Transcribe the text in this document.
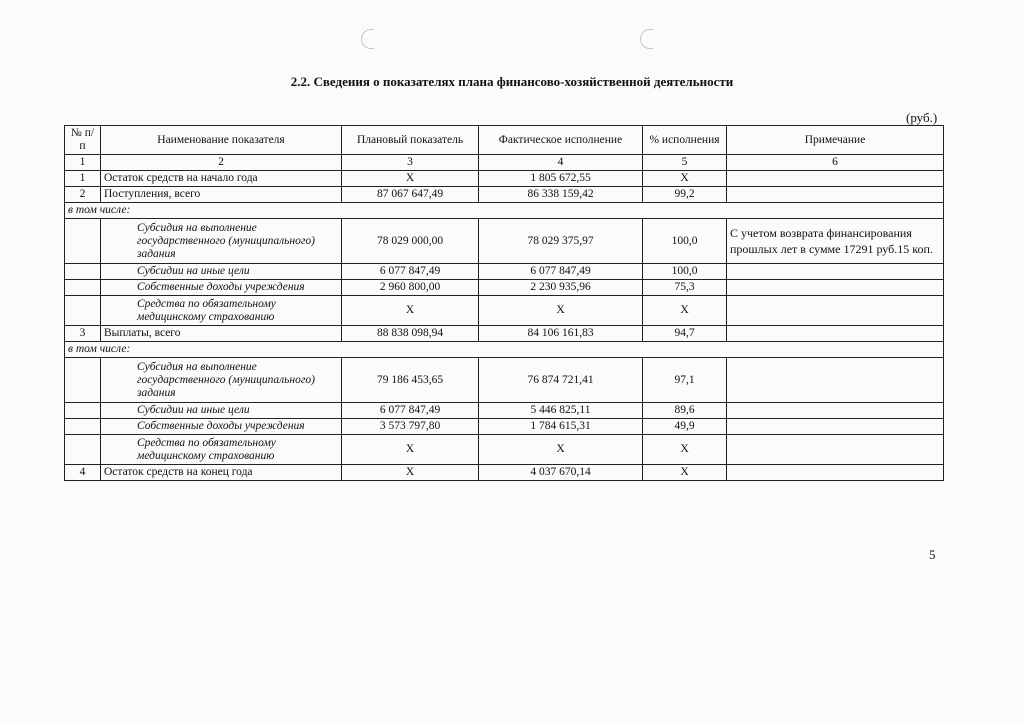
2.2. Сведения о показателях плана финансово-хозяйственной деятельности
(руб.)
№ п/п	Наименование показателя	Плановый показатель	Фактическое исполнение	% исполнения	Примечание
1	2	3	4	5	6
1	Остаток средств на начало года	X	1 805 672,55	X	
2	Поступления, всего	87 067 647,49	86 338 159,42	99,2	
в том числе:					
	Субсидия на выполнение государственного (муниципального) задания	78 029 000,00	78 029 375,97	100,0	С учетом возврата финансирования прошлых лет в сумме 17291 руб.15 коп.
	Субсидии на иные цели	6 077 847,49	6 077 847,49	100,0	
	Собственные доходы учреждения	2 960 800,00	2 230 935,96	75,3	
	Средства по обязательному медицинскому страхованию	X	X	X	
3	Выплаты, всего	88 838 098,94	84 106 161,83	94,7	
в том числе:					
	Субсидия на выполнение государственного (муниципального) задания	79 186 453,65	76 874 721,41	97,1	
	Субсидии на иные цели	6 077 847,49	5 446 825,11	89,6	
	Собственные доходы учреждения	3 573 797,80	1 784 615,31	49,9	
	Средства по обязательному медицинскому страхованию	X	X	X	
4	Остаток средств на конец года	X	4 037 670,14	X	
5
